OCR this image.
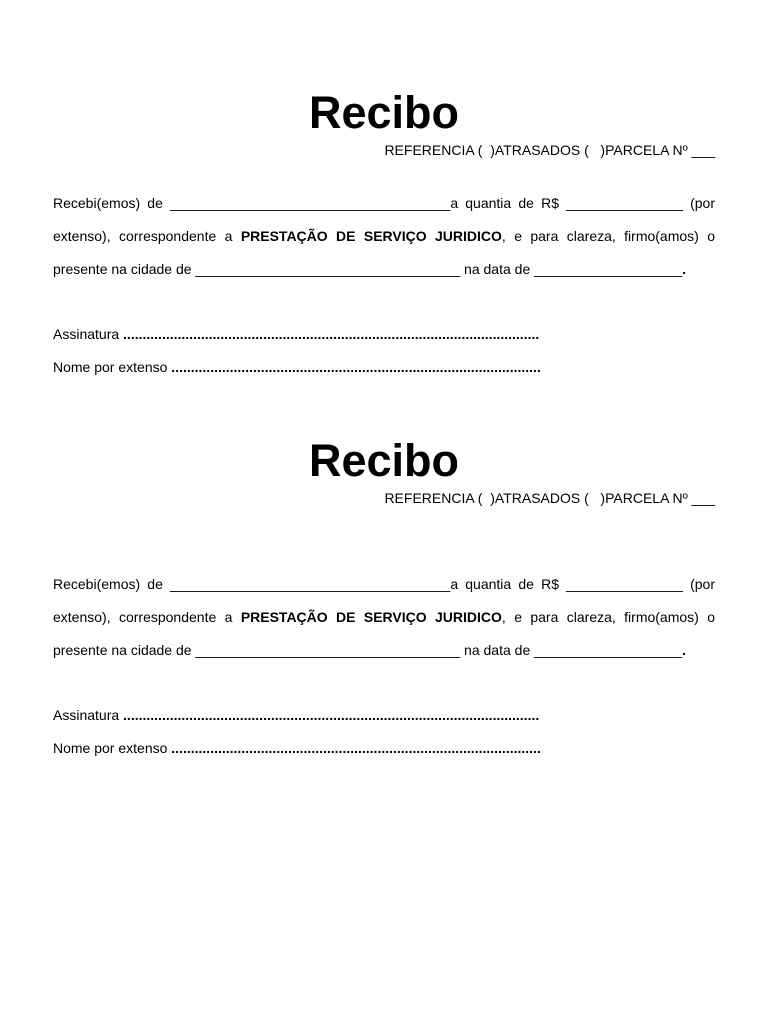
Recibo

REFERENCIA (  )ATRASADOS (   )PARCELA Nº ___

Recebi(emos) de ____________________________________a quantia de R$ _______________ (por extenso), correspondente a PRESTAÇÃO DE SERVIÇO JURIDICO, e para clareza, firmo(amos) o presente na cidade de __________________________________ na data de ___________________.

Assinatura ...........................................................................................................

Nome por extenso ...............................................................................................

Recibo

REFERENCIA (  )ATRASADOS (   )PARCELA Nº ___

Recebi(emos) de ____________________________________a quantia de R$ _______________ (por extenso), correspondente a PRESTAÇÃO DE SERVIÇO JURIDICO, e para clareza, firmo(amos) o presente na cidade de __________________________________ na data de ___________________.

Assinatura ...........................................................................................................

Nome por extenso ...............................................................................................
